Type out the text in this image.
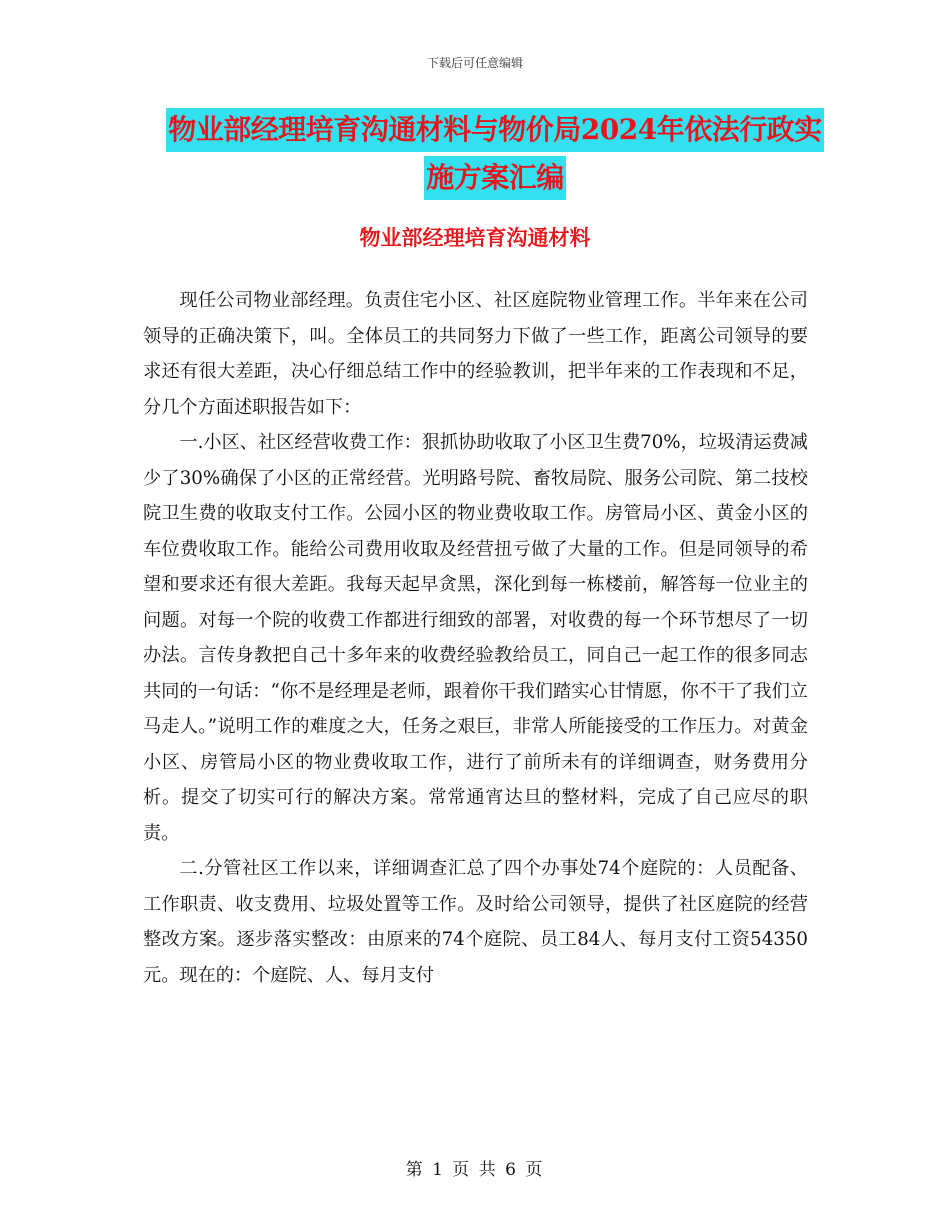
下载后可任意编辑
物业部经理培育沟通材料与物价局2024年依法行政实
施方案汇编
物业部经理培育沟通材料

现任公司物业部经理。负责住宅小区、社区庭院物业管理工作。半年来在公司领导的正确决策下，叫。全体员工的共同努力下做了一些工作，距离公司领导的要求还有很大差距，决心仔细总结工作中的经验教训，把半年来的工作表现和不足，分几个方面述职报告如下：

一.小区、社区经营收费工作：狠抓协助收取了小区卫生费70%，垃圾清运费减少了30%确保了小区的正常经营。光明路号院、畜牧局院、服务公司院、第二技校院卫生费的收取支付工作。公园小区的物业费收取工作。房管局小区、黄金小区的车位费收取工作。能给公司费用收取及经营扭亏做了大量的工作。但是同领导的希望和要求还有很大差距。我每天起早贪黑，深化到每一栋楼前，解答每一位业主的问题。对每一个院的收费工作都进行细致的部署，对收费的每一个环节想尽了一切办法。言传身教把自己十多年来的收费经验教给员工，同自己一起工作的很多同志共同的一句话：“你不是经理是老师，跟着你干我们踏实心甘情愿，你不干了我们立马走人。”说明工作的难度之大，任务之艰巨，非常人所能接受的工作压力。对黄金小区、房管局小区的物业费收取工作，进行了前所未有的详细调查，财务费用分析。提交了切实可行的解决方案。常常通宵达旦的整材料，完成了自己应尽的职责。

二.分管社区工作以来，详细调查汇总了四个办事处74个庭院的：人员配备、工作职责、收支费用、垃圾处置等工作。及时给公司领导，提供了社区庭院的经营整改方案。逐步落实整改：由原来的74个庭院、员工84人、每月支付工资54350元。现在的：个庭院、人、每月支付

第 1 页 共 6 页
